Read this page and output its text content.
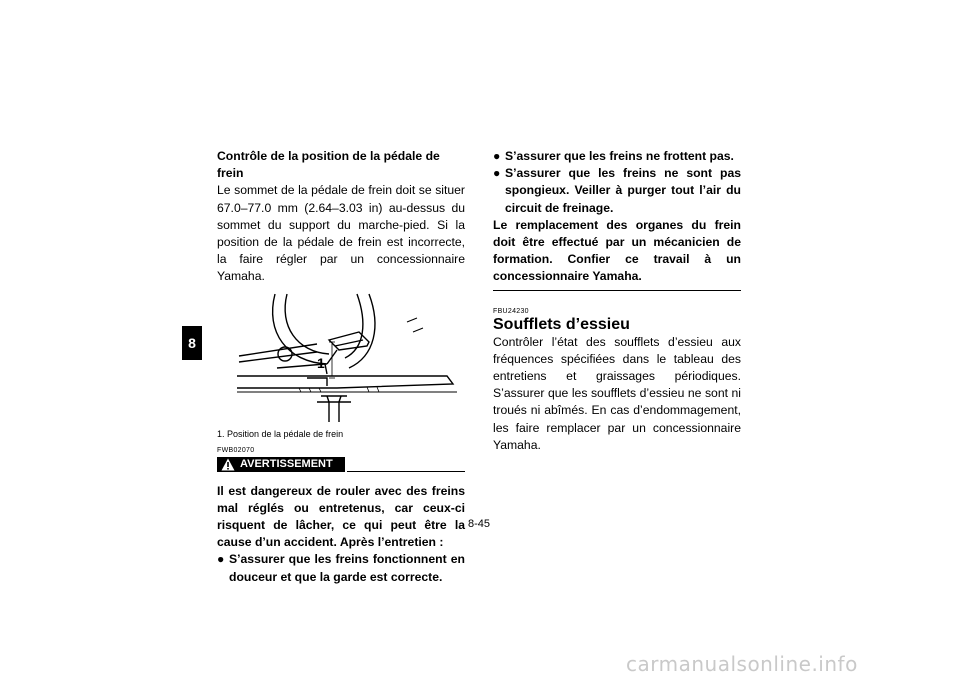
8
Contrôle de la position de la pédale de frein
Le sommet de la pédale de frein doit se situer 67.0–77.0 mm (2.64–3.03 in) au-dessus du sommet du support du marche-pied. Si la position de la pédale de frein est incorrecte, la faire régler par un concessionnaire Yamaha.
1
1. Position de la pédale de frein
FWB02070
AVERTISSEMENT
Il est dangereux de rouler avec des freins mal réglés ou entretenus, car ceux-ci risquent de lâcher, ce qui peut être la cause d’un accident. Après l’entretien :
● S’assurer que les freins fonctionnent en douceur et que la garde est correcte.
● S’assurer que les freins ne frottent pas.
● S’assurer que les freins ne sont pas spongieux. Veiller à purger tout l’air du circuit de freinage.
Le remplacement des organes du frein doit être effectué par un mécanicien de formation. Confier ce travail à un concessionnaire Yamaha.
FBU24230
Soufflets d’essieu
Contrôler l’état des soufflets d’essieu aux fréquences spécifiées dans le tableau des entretiens et graissages périodiques. S’assurer que les soufflets d’essieu ne sont ni troués ni abîmés. En cas d’endommagement, les faire remplacer par un concessionnaire Yamaha.
8-45
carmanualsonline.info
